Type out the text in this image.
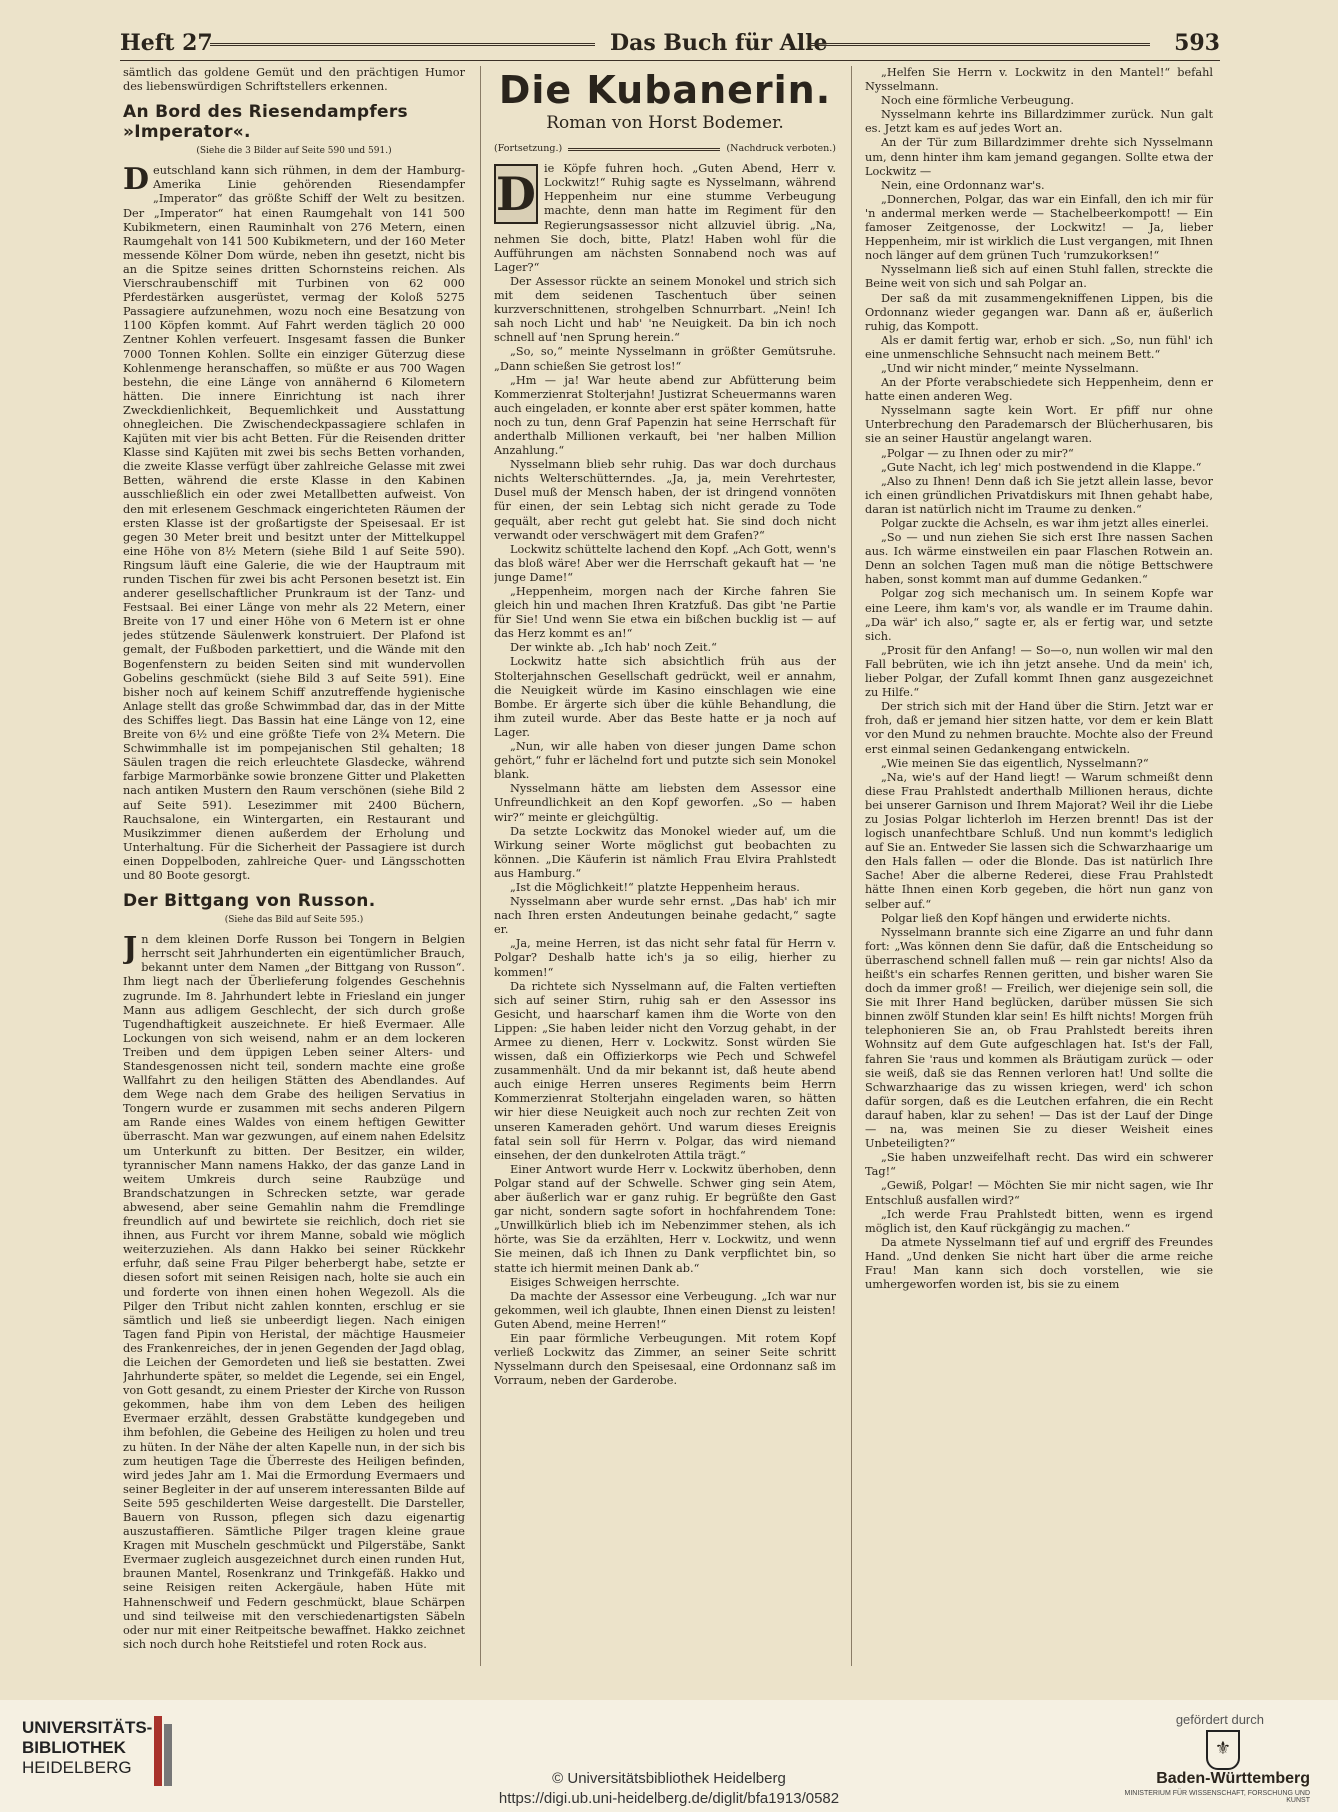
Heft 27	Das Buch für Alle	593

sämtlich das goldene Gemüt und den prächtigen Humor des liebenswürdigen Schriftstellers erkennen.

An Bord des Riesendampfers »Imperator«.
(Siehe die 3 Bilder auf Seite 590 und 591.)

Deutschland kann sich rühmen, in dem der Hamburg-Amerika Linie gehörenden Riesendampfer „Imperator“ das größte Schiff der Welt zu besitzen. Der „Imperator“ hat einen Raumgehalt von 141 500 Kubikmetern, einen Rauminhalt von 276 Metern, einen Raumgehalt von 141 500 Kubikmetern, und der 160 Meter messende Kölner Dom würde, neben ihn gesetzt, nicht bis an die Spitze seines dritten Schornsteins reichen. Als Vierschraubenschiff mit Turbinen von 62 000 Pferdestärken ausgerüstet, vermag der Koloß 5275 Passagiere aufzunehmen, wozu noch eine Besatzung von 1100 Köpfen kommt. Auf Fahrt werden täglich 20 000 Zentner Kohlen verfeuert. Insgesamt fassen die Bunker 7000 Tonnen Kohlen. Sollte ein einziger Güterzug diese Kohlenmenge heranschaffen, so müßte er aus 700 Wagen bestehn, die eine Länge von annähernd 6 Kilometern hätten. Die innere Einrichtung ist nach ihrer Zweckdienlichkeit, Bequemlichkeit und Ausstattung ohnegleichen. Die Zwischendeckpassagiere schlafen in Kajüten mit vier bis acht Betten. Für die Reisenden dritter Klasse sind Kajüten mit zwei bis sechs Betten vorhanden, die zweite Klasse verfügt über zahlreiche Gelasse mit zwei Betten, während die erste Klasse in den Kabinen ausschließlich ein oder zwei Metallbetten aufweist. Von den mit erlesenem Geschmack eingerichteten Räumen der ersten Klasse ist der großartigste der Speisesaal. Er ist gegen 30 Meter breit und besitzt unter der Mittelkuppel eine Höhe von 8½ Metern (siehe Bild 1 auf Seite 590). Ringsum läuft eine Galerie, die wie der Hauptraum mit runden Tischen für zwei bis acht Personen besetzt ist. Ein anderer gesellschaftlicher Prunkraum ist der Tanz- und Festsaal. Bei einer Länge von mehr als 22 Metern, einer Breite von 17 und einer Höhe von 6 Metern ist er ohne jedes stützende Säulenwerk konstruiert. Der Plafond ist gemalt, der Fußboden parkettiert, und die Wände mit den Bogenfenstern zu beiden Seiten sind mit wundervollen Gobelins geschmückt (siehe Bild 3 auf Seite 591). Eine bisher noch auf keinem Schiff anzutreffende hygienische Anlage stellt das große Schwimmbad dar, das in der Mitte des Schiffes liegt. Das Bassin hat eine Länge von 12, eine Breite von 6½ und eine größte Tiefe von 2¾ Metern. Die Schwimmhalle ist im pompejanischen Stil gehalten; 18 Säulen tragen die reich erleuchtete Glasdecke, während farbige Marmorbänke sowie bronzene Gitter und Plaketten nach antiken Mustern den Raum verschönen (siehe Bild 2 auf Seite 591). Lesezimmer mit 2400 Büchern, Rauchsalone, ein Wintergarten, ein Restaurant und Musikzimmer dienen außerdem der Erholung und Unterhaltung. Für die Sicherheit der Passagiere ist durch einen Doppelboden, zahlreiche Quer- und Längsschotten und 80 Boote gesorgt.

Der Bittgang von Russon.
(Siehe das Bild auf Seite 595.)

Jn dem kleinen Dorfe Russon bei Tongern in Belgien herrscht seit Jahrhunderten ein eigentümlicher Brauch, bekannt unter dem Namen „der Bittgang von Russon“. Ihm liegt nach der Überlieferung folgendes Geschehnis zugrunde. Im 8. Jahrhundert lebte in Friesland ein junger Mann aus adligem Geschlecht, der sich durch große Tugendhaftigkeit auszeichnete. Er hieß Evermaer. Alle Lockungen von sich weisend, nahm er an dem lockeren Treiben und dem üppigen Leben seiner Alters- und Standesgenossen nicht teil, sondern machte eine große Wallfahrt zu den heiligen Stätten des Abendlandes. Auf dem Wege nach dem Grabe des heiligen Servatius in Tongern wurde er zusammen mit sechs anderen Pilgern am Rande eines Waldes von einem heftigen Gewitter überrascht. Man war gezwungen, auf einem nahen Edelsitz um Unterkunft zu bitten. Der Besitzer, ein wilder, tyrannischer Mann namens Hakko, der das ganze Land in weitem Umkreis durch seine Raubzüge und Brandschatzungen in Schrecken setzte, war gerade abwesend, aber seine Gemahlin nahm die Fremdlinge freundlich auf und bewirtete sie reichlich, doch riet sie ihnen, aus Furcht vor ihrem Manne, sobald wie möglich weiterzuziehen. Als dann Hakko bei seiner Rückkehr erfuhr, daß seine Frau Pilger beherbergt habe, setzte er diesen sofort mit seinen Reisigen nach, holte sie auch ein und forderte von ihnen einen hohen Wegezoll. Als die Pilger den Tribut nicht zahlen konnten, erschlug er sie sämtlich und ließ sie unbeerdigt liegen. Nach einigen Tagen fand Pipin von Heristal, der mächtige Hausmeier des Frankenreiches, der in jenen Gegenden der Jagd oblag, die Leichen der Gemordeten und ließ sie bestatten. Zwei Jahrhunderte später, so meldet die Legende, sei ein Engel, von Gott gesandt, zu einem Priester der Kirche von Russon gekommen, habe ihm von dem Leben des heiligen Evermaer erzählt, dessen Grabstätte kundgegeben und ihm befohlen, die Gebeine des Heiligen zu holen und treu zu hüten. In der Nähe der alten Kapelle nun, in der sich bis zum heutigen Tage die Überreste des Heiligen befinden, wird jedes Jahr am 1. Mai die Ermordung Evermaers und seiner Begleiter in der auf unserem interessanten Bilde auf Seite 595 geschilderten Weise dargestellt. Die Darsteller, Bauern von Russon, pflegen sich dazu eigenartig auszustaffieren. Sämtliche Pilger tragen kleine graue Kragen mit Muscheln geschmückt und Pilgerstäbe, Sankt Evermaer zugleich ausgezeichnet durch einen runden Hut, braunen Mantel, Rosenkranz und Trinkgefäß. Hakko und seine Reisigen reiten Ackergäule, haben Hüte mit Hahnenschweif und Federn geschmückt, blaue Schärpen und sind teilweise mit den verschiedenartigsten Säbeln oder nur mit einer Reitpeitsche bewaffnet. Hakko zeichnet sich noch durch hohe Reitstiefel und roten Rock aus.

Die Kubanerin.
Roman von Horst Bodemer.
(Fortsetzung.)	(Nachdruck verboten.)

D ie Köpfe fuhren hoch. „Guten Abend, Herr v. Lockwitz!“ Ruhig sagte es Nysselmann, während Heppenheim nur eine stumme Verbeugung machte, denn man hatte im Regiment für den Regierungsassessor nicht allzuviel übrig. „Na, nehmen Sie doch, bitte, Platz! Haben wohl für die Aufführungen am nächsten Sonnabend noch was auf Lager?“

Der Assessor rückte an seinem Monokel und strich sich mit dem seidenen Taschentuch über seinen kurzverschnittenen, strohgelben Schnurrbart. „Nein! Ich sah noch Licht und hab' 'ne Neuigkeit. Da bin ich noch schnell auf 'nen Sprung herein.“

„So, so,“ meinte Nysselmann in größter Gemütsruhe. „Dann schießen Sie getrost los!“

„Hm — ja! War heute abend zur Abfütterung beim Kommerzienrat Stolterjahn! Justizrat Scheuermanns waren auch eingeladen, er konnte aber erst später kommen, hatte noch zu tun, denn Graf Papenzin hat seine Herrschaft für anderthalb Millionen verkauft, bei 'ner halben Million Anzahlung.“

Nysselmann blieb sehr ruhig. Das war doch durchaus nichts Welterschütterndes. „Ja, ja, mein Verehrtester, Dusel muß der Mensch haben, der ist dringend vonnöten für einen, der sein Lebtag sich nicht gerade zu Tode gequält, aber recht gut gelebt hat. Sie sind doch nicht verwandt oder verschwägert mit dem Grafen?“

Lockwitz schüttelte lachend den Kopf. „Ach Gott, wenn's das bloß wäre! Aber wer die Herrschaft gekauft hat — 'ne junge Dame!“

„Heppenheim, morgen nach der Kirche fahren Sie gleich hin und machen Ihren Kratzfuß. Das gibt 'ne Partie für Sie! Und wenn Sie etwa ein bißchen bucklig ist — auf das Herz kommt es an!“

Der winkte ab. „Ich hab' noch Zeit.“

Lockwitz hatte sich absichtlich früh aus der Stolterjahnschen Gesellschaft gedrückt, weil er annahm, die Neuigkeit würde im Kasino einschlagen wie eine Bombe. Er ärgerte sich über die kühle Behandlung, die ihm zuteil wurde. Aber das Beste hatte er ja noch auf Lager.

„Nun, wir alle haben von dieser jungen Dame schon gehört,“ fuhr er lächelnd fort und putzte sich sein Monokel blank.

Nysselmann hätte am liebsten dem Assessor eine Unfreundlichkeit an den Kopf geworfen. „So — haben wir?“ meinte er gleichgültig.

Da setzte Lockwitz das Monokel wieder auf, um die Wirkung seiner Worte möglichst gut beobachten zu können. „Die Käuferin ist nämlich Frau Elvira Prahlstedt aus Hamburg.“

„Ist die Möglichkeit!“ platzte Heppenheim heraus.

Nysselmann aber wurde sehr ernst. „Das hab' ich mir nach Ihren ersten Andeutungen beinahe gedacht,“ sagte er.

„Ja, meine Herren, ist das nicht sehr fatal für Herrn v. Polgar? Deshalb hatte ich's ja so eilig, hierher zu kommen!“

Da richtete sich Nysselmann auf, die Falten vertieften sich auf seiner Stirn, ruhig sah er den Assessor ins Gesicht, und haarscharf kamen ihm die Worte von den Lippen: „Sie haben leider nicht den Vorzug gehabt, in der Armee zu dienen, Herr v. Lockwitz. Sonst würden Sie wissen, daß ein Offizierkorps wie Pech und Schwefel zusammenhält. Und da mir bekannt ist, daß heute abend auch einige Herren unseres Regiments beim Herrn Kommerzienrat Stolterjahn eingeladen waren, so hätten wir hier diese Neuigkeit auch noch zur rechten Zeit von unseren Kameraden gehört. Und warum dieses Ereignis fatal sein soll für Herrn v. Polgar, das wird niemand einsehen, der den dunkelroten Attila trägt.“

Einer Antwort wurde Herr v. Lockwitz überhoben, denn Polgar stand auf der Schwelle. Schwer ging sein Atem, aber äußerlich war er ganz ruhig. Er begrüßte den Gast gar nicht, sondern sagte sofort in hochfahrendem Tone: „Unwillkürlich blieb ich im Nebenzimmer stehen, als ich hörte, was Sie da erzählten, Herr v. Lockwitz, und wenn Sie meinen, daß ich Ihnen zu Dank verpflichtet bin, so statte ich hiermit meinen Dank ab.“

Eisiges Schweigen herrschte.

Da machte der Assessor eine Verbeugung. „Ich war nur gekommen, weil ich glaubte, Ihnen einen Dienst zu leisten! Guten Abend, meine Herren!“

Ein paar förmliche Verbeugungen. Mit rotem Kopf verließ Lockwitz das Zimmer, an seiner Seite schritt Nysselmann durch den Speisesaal, eine Ordonnanz saß im Vorraum, neben der Garderobe.

„Helfen Sie Herrn v. Lockwitz in den Mantel!“ befahl Nysselmann.

Noch eine förmliche Verbeugung.

Nysselmann kehrte ins Billardzimmer zurück. Nun galt es. Jetzt kam es auf jedes Wort an.

An der Tür zum Billardzimmer drehte sich Nysselmann um, denn hinter ihm kam jemand gegangen. Sollte etwa der Lockwitz —

Nein, eine Ordonnanz war's.

„Donnerchen, Polgar, das war ein Einfall, den ich mir für 'n andermal merken werde — Stachelbeerkompott! — Ein famoser Zeitgenosse, der Lockwitz! — Ja, lieber Heppenheim, mir ist wirklich die Lust vergangen, mit Ihnen noch länger auf dem grünen Tuch 'rumzukorksen!“

Nysselmann ließ sich auf einen Stuhl fallen, streckte die Beine weit von sich und sah Polgar an.

Der saß da mit zusammengekniffenen Lippen, bis die Ordonnanz wieder gegangen war. Dann aß er, äußerlich ruhig, das Kompott.

Als er damit fertig war, erhob er sich. „So, nun fühl' ich eine unmenschliche Sehnsucht nach meinem Bett.“

„Und wir nicht minder,“ meinte Nysselmann.

An der Pforte verabschiedete sich Heppenheim, denn er hatte einen anderen Weg.

Nysselmann sagte kein Wort. Er pfiff nur ohne Unterbrechung den Parademarsch der Blücherhusaren, bis sie an seiner Haustür angelangt waren.

„Polgar — zu Ihnen oder zu mir?“

„Gute Nacht, ich leg' mich postwendend in die Klappe.“

„Also zu Ihnen! Denn daß ich Sie jetzt allein lasse, bevor ich einen gründlichen Privatdiskurs mit Ihnen gehabt habe, daran ist natürlich nicht im Traume zu denken.“

Polgar zuckte die Achseln, es war ihm jetzt alles einerlei.

„So — und nun ziehen Sie sich erst Ihre nassen Sachen aus. Ich wärme einstweilen ein paar Flaschen Rotwein an. Denn an solchen Tagen muß man die nötige Bettschwere haben, sonst kommt man auf dumme Gedanken.“

Polgar zog sich mechanisch um. In seinem Kopfe war eine Leere, ihm kam's vor, als wandle er im Traume dahin. „Da wär' ich also,“ sagte er, als er fertig war, und setzte sich.

„Prosit für den Anfang! — So—o, nun wollen wir mal den Fall bebrüten, wie ich ihn jetzt ansehe. Und da mein' ich, lieber Polgar, der Zufall kommt Ihnen ganz ausgezeichnet zu Hilfe.“

Der strich sich mit der Hand über die Stirn. Jetzt war er froh, daß er jemand hier sitzen hatte, vor dem er kein Blatt vor den Mund zu nehmen brauchte. Mochte also der Freund erst einmal seinen Gedankengang entwickeln.

„Wie meinen Sie das eigentlich, Nysselmann?“

„Na, wie's auf der Hand liegt! — Warum schmeißt denn diese Frau Prahlstedt anderthalb Millionen heraus, dichte bei unserer Garnison und Ihrem Majorat? Weil ihr die Liebe zu Josias Polgar lichterloh im Herzen brennt! Das ist der logisch unanfechtbare Schluß. Und nun kommt's lediglich auf Sie an. Entweder Sie lassen sich die Schwarzhaarige um den Hals fallen — oder die Blonde. Das ist natürlich Ihre Sache! Aber die alberne Rederei, diese Frau Prahlstedt hätte Ihnen einen Korb gegeben, die hört nun ganz von selber auf.“

Polgar ließ den Kopf hängen und erwiderte nichts.

Nysselmann brannte sich eine Zigarre an und fuhr dann fort: „Was können denn Sie dafür, daß die Entscheidung so überraschend schnell fallen muß — rein gar nichts! Also da heißt's ein scharfes Rennen geritten, und bisher waren Sie doch da immer groß! — Freilich, wer diejenige sein soll, die Sie mit Ihrer Hand beglücken, darüber müssen Sie sich binnen zwölf Stunden klar sein! Es hilft nichts! Morgen früh telephonieren Sie an, ob Frau Prahlstedt bereits ihren Wohnsitz auf dem Gute aufgeschlagen hat. Ist's der Fall, fahren Sie 'raus und kommen als Bräutigam zurück — oder sie weiß, daß sie das Rennen verloren hat! Und sollte die Schwarzhaarige das zu wissen kriegen, werd' ich schon dafür sorgen, daß es die Leutchen erfahren, die ein Recht darauf haben, klar zu sehen! — Das ist der Lauf der Dinge — na, was meinen Sie zu dieser Weisheit eines Unbeteiligten?“

„Sie haben unzweifelhaft recht. Das wird ein schwerer Tag!“

„Gewiß, Polgar! — Möchten Sie mir nicht sagen, wie Ihr Entschluß ausfallen wird?“

„Ich werde Frau Prahlstedt bitten, wenn es irgend möglich ist, den Kauf rückgängig zu machen.“

Da atmete Nysselmann tief auf und ergriff des Freundes Hand. „Und denken Sie nicht hart über die arme reiche Frau! Man kann sich doch vorstellen, wie sie umhergeworfen worden ist, bis sie zu einem

UNIVERSITÄTS-
BIBLIOTHEK
HEIDELBERG
© Universitätsbibliothek Heidelberg
https://digi.ub.uni-heidelberg.de/diglit/bfa1913/0582
gefördert durch
⚜
Baden-Württemberg
MINISTERIUM FÜR WISSENSCHAFT, FORSCHUNG UND KUNST
